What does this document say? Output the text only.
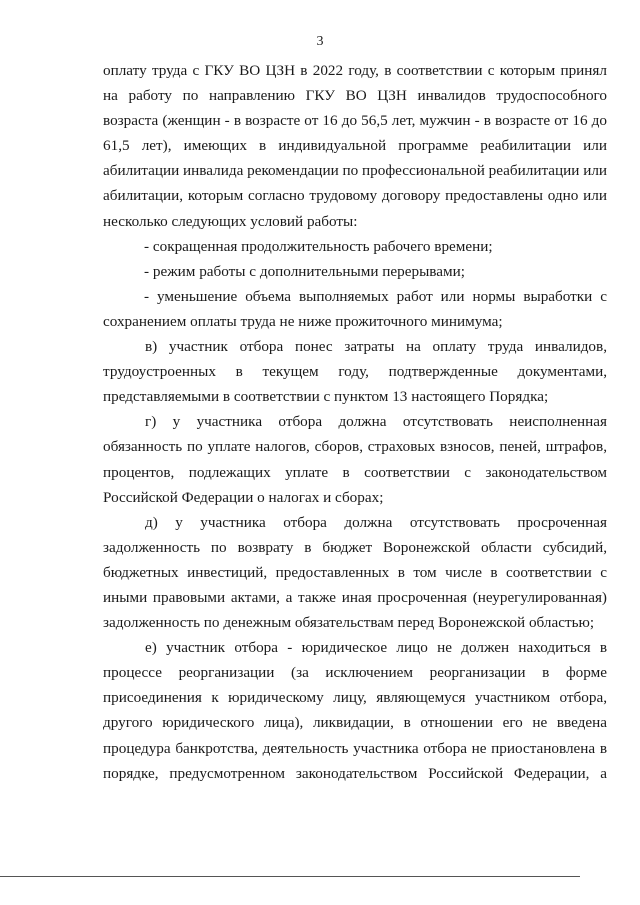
3
оплату труда с ГКУ ВО ЦЗН в 2022 году, в соответствии с которым принял
на работу по направлению ГКУ ВО ЦЗН инвалидов трудоспособного
возраста (женщин - в возрасте от 16 до 56,5 лет, мужчин - в возрасте от 16 до
61,5 лет), имеющих в индивидуальной программе реабилитации или
абилитации инвалида рекомендации по профессиональной реабилитации или
абилитации, которым согласно трудовому договору предоставлены одно или
несколько следующих условий работы:
- сокращенная продолжительность рабочего времени;
- режим работы с дополнительными перерывами;
- уменьшение объема выполняемых работ или нормы выработки с
сохранением оплаты труда не ниже прожиточного минимума;
в) участник отбора понес затраты на оплату труда инвалидов,
трудоустроенных в текущем году, подтвержденные документами,
представляемыми в соответствии с пунктом 13 настоящего Порядка;
г) у участника отбора должна отсутствовать неисполненная
обязанность по уплате налогов, сборов, страховых взносов, пеней, штрафов,
процентов, подлежащих уплате в соответствии с законодательством
Российской Федерации о налогах и сборах;
д) у участника отбора должна отсутствовать просроченная
задолженность по возврату в бюджет Воронежской области субсидий,
бюджетных инвестиций, предоставленных в том числе в соответствии с
иными правовыми актами, а также иная просроченная (неурегулированная)
задолженность по денежным обязательствам перед Воронежской областью;
е) участник отбора - юридическое лицо не должен находиться в
процессе реорганизации (за исключением реорганизации в форме
присоединения к юридическому лицу, являющемуся участником отбора,
другого юридического лица), ликвидации, в отношении его не введена
процедура банкротства, деятельность участника отбора не приостановлена в
порядке, предусмотренном законодательством Российской Федерации, а
